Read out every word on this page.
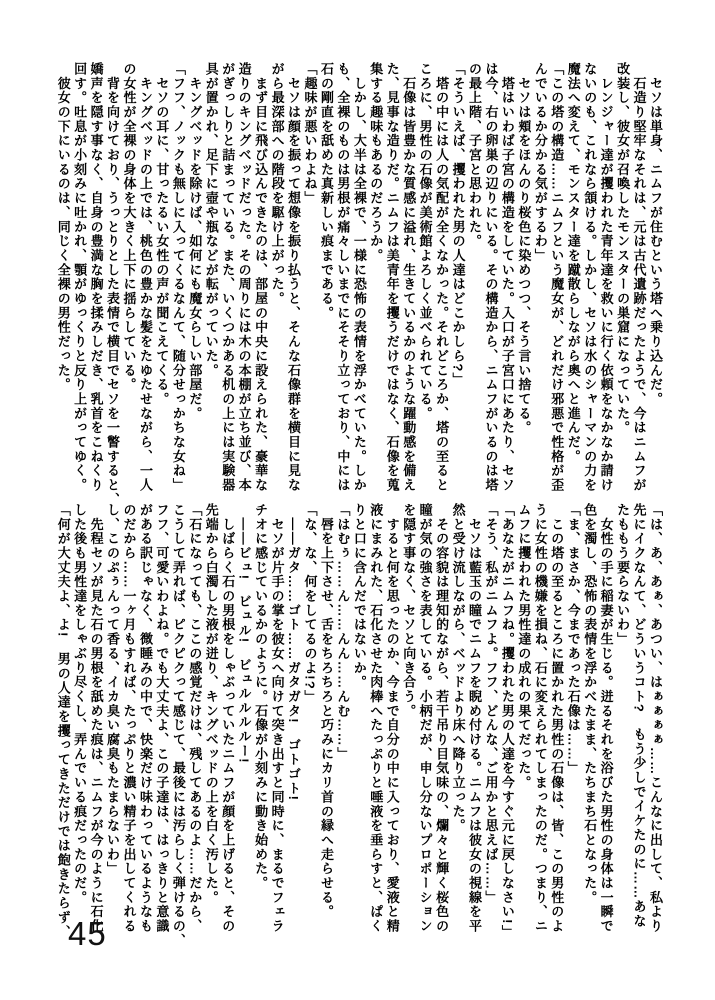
　セソは単身、ニムフが住むという塔へ乗り込んだ。

　石造り堅牢なそれは、元は古代遺跡だったようで、今はニムフが

改装し、彼女が召喚したモンスターの巣窟になっていた。

　レンジャー達が攫われた青年達を救いに行く依頼をなかなか請け

ないのも、これなら頷ける。しかし、セソは水のシャーマンの力を

魔法へ変えて、モンスター達を蹴散らしながら奥へと進んだ。

「この塔の構造……ニムフという魔女が、どれだけ邪悪で性格が歪

んでいるか分かる気がするわ」

　セソは頬をほんのり桜色に染めつつ、そう言い捨てる。

　塔はいわば子宮の構造をしていた。入口が子宮口にあたり、セソ

は今、右の卵巣の辺りにいる。その構造から、ニムフがいるのは塔

の最上階、子宮と思われた。

「そういえば、攫われた男の人達はどこかしら?」

　塔の中には人の気配が全くなかった。それどころか、塔の至ると

ころに、男性の石像が美術館よろしく並べられている。

　石像は皆豊かな質感に溢れ、生きているかのような躍動感を備え

た、見事な造りだ。ニムフは美青年を攫うだけではなく、石像を蒐

集する趣味もあるのだろうか。

　しかし、大半は全裸で、一様に恐怖の表情を浮かべていた。しか

も、全裸のものは男根が痛々しいまでにそそり立っており、中には

石の剛直を舐めた真新しい痕まである。

「趣味が悪いわよね」

　セソは顔を振って想像を振り払うと、そんな石像群を横目に見な

がら最深部への階段を駆け上がった。

　まず目に飛び込んできたのは、部屋の中央に設えられた、豪華な

造りのキングベッドだった。その周りには木の本棚が立ち並び、本

がぎっしりと詰まっている。また、いくつかある机の上には実験器

具が置かれ、足下に壺や瓶などが転がっていた。

　キングベッドを除けば、如何にも魔女らしい部屋だ。

「フフ、ノックも無しに入ってくるなんて、随分せっかちな女ね」

　セソの耳に、甘ったるい女性の声が聞こえてくる。

　キングベッドの上では、桃色の豊かな髪をたゆたせながら、一人

の女性が全裸の身体を大きく上下に揺らしている。

　背を向けており、うっとりとした表情で横目でセソを一瞥すると、

嬌声を隠す事なく、自身の豊満な胸を揉みしだき、乳首をこねくり

回す。吐息が小刻みに吐かれ、顎がゆっくりと反り上がってゆく。

　彼女の下にいるのは、同じく全裸の男性だった。

「は、あ、あぁ、あつい、はぁぁぁぁ……こんなに出して、私より

先にイクなんて、どういうコト?　もう少しでイケたのに……あな

たももう要らないわ」

　女性の手に稲妻が生じる。迸るそれを浴びた男性の身体は一瞬で

色を濁し、恐怖の表情を浮かべたまま、たちまち石となった。

「ま、まさか、今まであった石像は……」

　この塔の至るところに置かれた男性の石像は、皆、この男性のよ

うに女性の機嫌を損ね、石に変えられてしまったのだ。つまり、ニ

ムフに攫われた男性達の成れの果てだった。

「あなたがニムフね。攫われた男の人達を今すぐ元に戻しなさい!」

「そう、私がニムフよ。フフ、どんな、ご用かと思えば……」

　セソは藍玉の瞳でニムフを睨め付ける。ニムフは彼女の視線を平

然と受け流しながら、ベッドより床へ降り立った。

　その容貌は理知的ながら、若干吊り目気味の、爛々と輝く桜色の

瞳が気の強さを表している。小柄だが、申し分ないプロポーション

を隠す事なく、セソと向き合う。

　すると何を思ったのか、今まで自分の中に入っており、愛液と精

液にまみれた、石化させた肉棒へたっぷりと唾液を垂らすと、ぱく

りと口に含んだではないか。

「はむぅ……ん……んん……んむ……」

　唇を上下させ、舌をちろちろと巧みにカリ首の縁へ走らせる。

「な、な、何をしてるのよ!?」

　――ガタ……ゴト……ガタガタ!　ゴトゴト!

　セソが片手の掌を彼女へ向けて突き出すと同時に、まるでフェラ

チオに感じているかのように。石像が小刻みに動き始めた。

　――ビュ!　ビュル!　ビュルルルルー!

　しばらく石の男根をしゃぶっていたニムフが顔を上げると、その

先端から白濁した液が迸り、キングベッドの上を白く汚した。

「石になっても、ここの感覚だけは、残してあるのよ……だから、

こうして弄れば、ピクピクって感じて、最後には汚らしく弾けるの、

フフ、可愛いわよね。でも大丈夫よ、この子達は、はっきりと意識

がある訳じゃなく、微睡みの中で、快楽だけ味わっているようなも

のだから……一ヶ月もすれば、たっぷりと濃い精子を出してくれる

し、このぷぅんって香る、イカ臭い腐臭もたまらないわ」

　先程セソが見た石の男根を舐めた痕は、ニムフが今のように石化

した後も男性達をしゃぶり尽くし、弄んでいる痕だったのだ。

「何が大丈夫よ、よ!　男の人達を攫ってきただけでは飽きたらず、

45
